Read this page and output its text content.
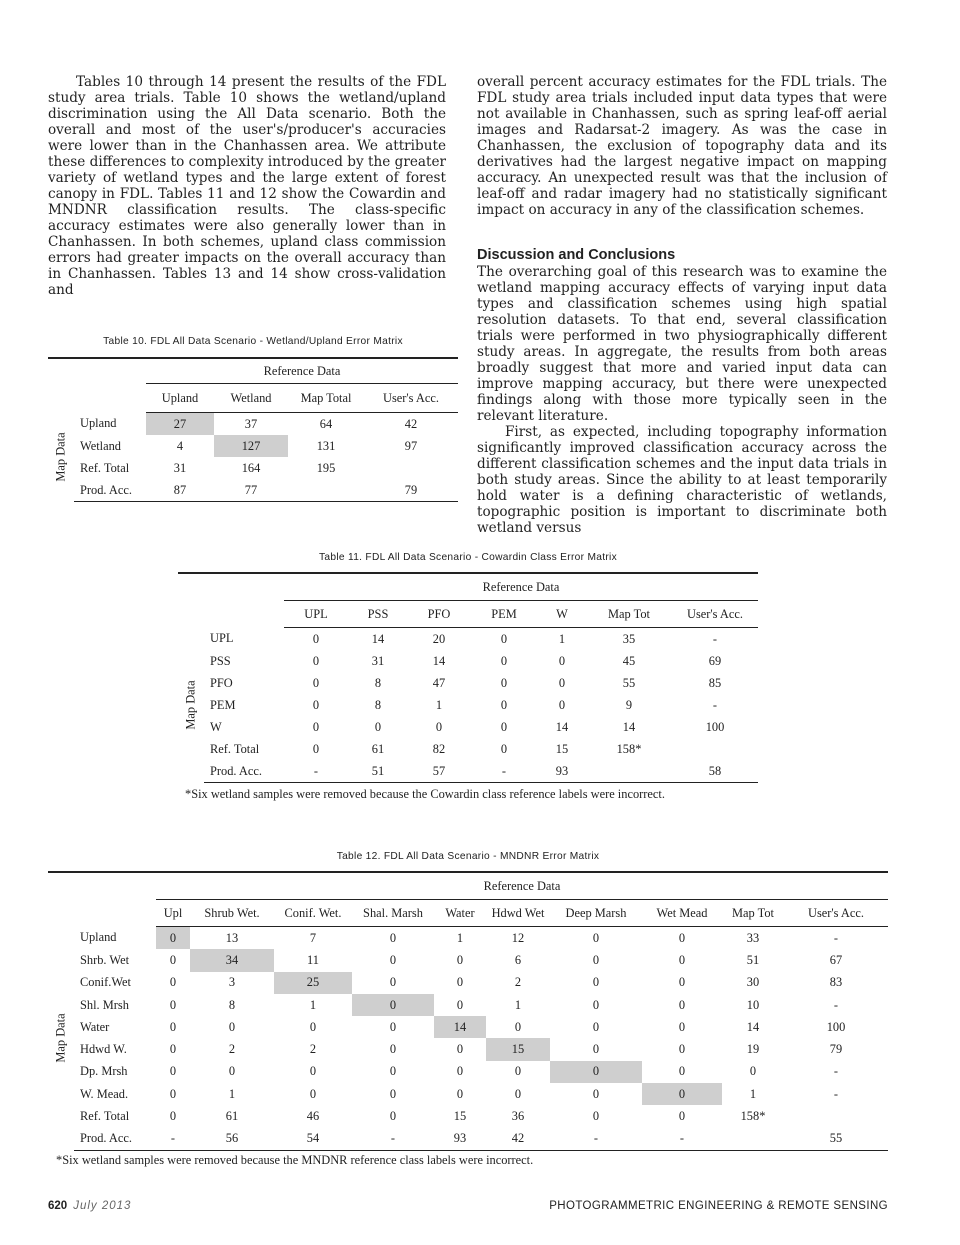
Tables 10 through 14 present the results of the FDL study area trials. Table 10 shows the wetland/upland discrimination using the All Data scenario. Both the overall and most of the user's/producer's accuracies were lower than in the Chanhassen area. We attribute these differences to complexity introduced by the greater variety of wetland types and the large extent of forest canopy in FDL. Tables 11 and 12 show the Cowardin and MNDNR classification results. The class-specific accuracy estimates were also generally lower than in Chanhassen. In both schemes, upland class commission errors had greater impacts on the overall accuracy than in Chanhassen. Tables 13 and 14 show cross-validation and

overall percent accuracy estimates for the FDL trials. The FDL study area trials included input data types that were not available in Chanhassen, such as spring leaf-off aerial images and Radarsat-2 imagery. As was the case in Chanhassen, the exclusion of topography data and its derivatives had the largest negative impact on mapping accuracy. An unexpected result was that the inclusion of leaf-off and radar imagery had no statistically significant impact on accuracy in any of the classification schemes.

Discussion and Conclusions

The overarching goal of this research was to examine the wetland mapping accuracy effects of varying input data types and classification schemes using high spatial resolution datasets. To that end, several classification trials were performed in two physiographically different study areas. In aggregate, the results from both areas broadly suggest that more and varied input data can improve mapping accuracy, but there were unexpected findings along with those more typically seen in the relevant literature.

First, as expected, including topography information significantly improved classification accuracy across the different classification schemes and the input data trials in both study areas. Since the ability to at least temporarily hold water is a defining characteristic of wetlands, topographic position is important to discriminate both wetland versus

Table 10. FDL All Data Scenario - Wetland/Upland Error Matrix
		Reference Data			
		Upland	Wetland	Map Total	User's Acc.

Map Data	Upland	27	37	64	42
	Wetland	4	127	131	97
	Ref. Total	31	164	195	
	Prod. Acc.	87	77		79
Table 11. FDL All Data Scenario - Cowardin Class Error Matrix
		Reference Data						
		UPL	PSS	PFO	PEM	W	Map Tot	User's Acc.

Map Data	UPL	0	14	20	0	1	35	-
	PSS	0	31	14	0	0	45	69
	PFO	0	8	47	0	0	55	85
	PEM	0	8	1	0	0	9	-
	W	0	0	0	0	14	14	100
	Ref. Total	0	61	82	0	15	158*	
	Prod. Acc.	-	51	57	-	93		58
*Six wetland samples were removed because the Cowardin class reference labels were incorrect.
Table 12. FDL All Data Scenario - MNDNR Error Matrix
		Reference Data									
		Upl	Shrub Wet.	Conif. Wet.	Shal. Marsh	Water	Hdwd Wet	Deep Marsh	Wet Mead	Map Tot	User's Acc.

Map Data	Upland	0	13	7	0	1	12	0	0	33	-
	Shrb. Wet	0	34	11	0	0	6	0	0	51	67
	Conif.Wet	0	3	25	0	0	2	0	0	30	83
	Shl. Mrsh	0	8	1	0	0	1	0	0	10	-
	Water	0	0	0	0	14	0	0	0	14	100
	Hdwd W.	0	2	2	0	0	15	0	0	19	79
	Dp. Mrsh	0	0	0	0	0	0	0	0	0	-
	W. Mead.	0	1	0	0	0	0	0	0	1	-
	Ref. Total	0	61	46	0	15	36	0	0	158*	
	Prod. Acc.	-	56	54	-	93	42	-	-		55
*Six wetland samples were removed because the MNDNR reference class labels were incorrect.
620 July 2013	PHOTOGRAMMETRIC ENGINEERING & REMOTE SENSING
